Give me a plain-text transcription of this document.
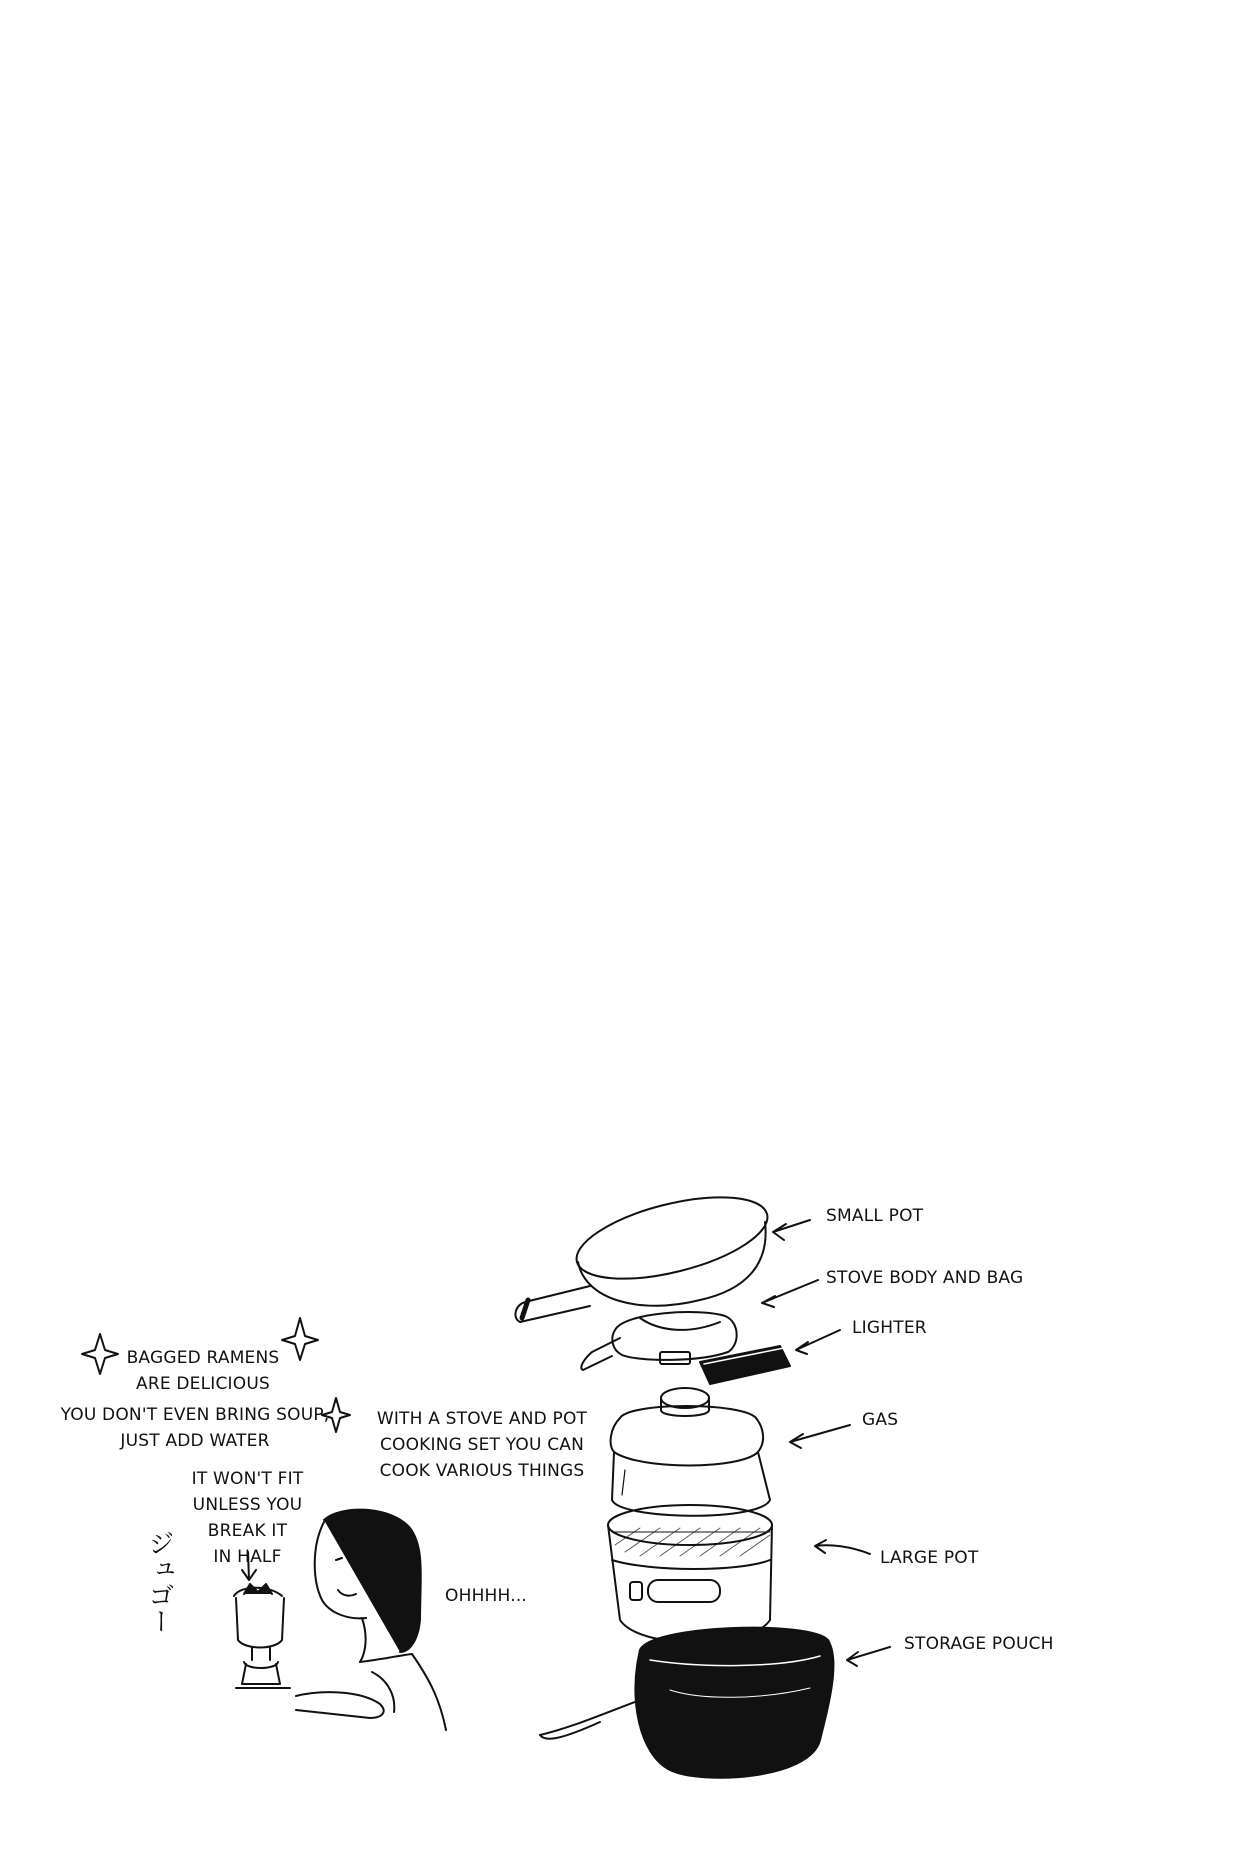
SMALL POT
STOVE BODY AND BAG
LIGHTER
GAS
LARGE POT
STORAGE POUCH
BAGGED RAMENS
ARE DELICIOUS
YOU DON'T EVEN BRING SOUP,
JUST ADD WATER
IT WON'T FIT
UNLESS YOU
BREAK IT
IN HALF
WITH A STOVE AND POT
COOKING SET YOU CAN
COOK VARIOUS THINGS
OHHHH...
ジュゴー
